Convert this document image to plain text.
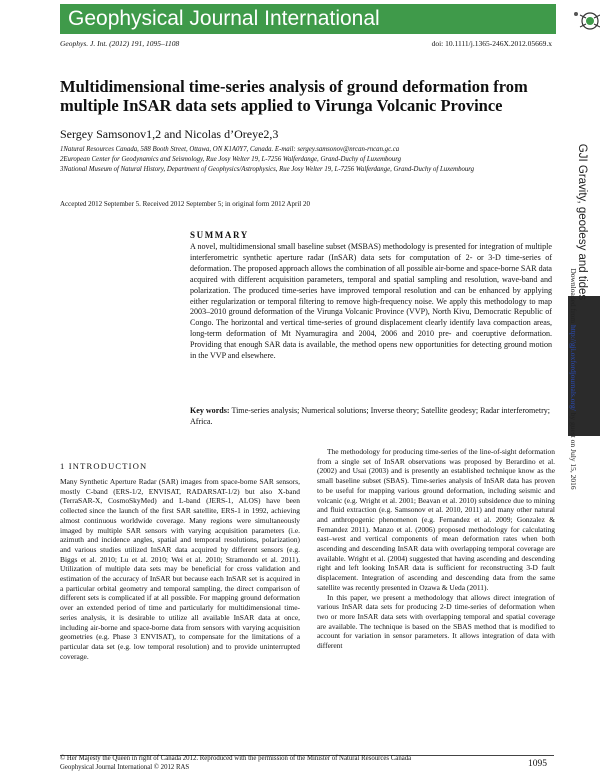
Geophysical Journal International
Geophys. J. Int. (2012) 191, 1095–1108	doi: 10.1111/j.1365-246X.2012.05669.x
Multidimensional time-series analysis of ground deformation from multiple InSAR data sets applied to Virunga Volcanic Province
Sergey Samsonov1,2 and Nicolas d’Oreye2,3
1Natural Resources Canada, 588 Booth Street, Ottawa, ON K1A0Y7, Canada. E-mail: sergey.samsonov@nrcan-rncan.gc.ca
2European Center for Geodynamics and Seismology, Rue Josy Welter 19, L-7256 Walferdange, Grand-Duchy of Luxembourg
3National Museum of Natural History, Department of Geophysics/Astrophysics, Rue Josy Welter 19, L-7256 Walferdange, Grand-Duchy of Luxembourg
Accepted 2012 September 5. Received 2012 September 5; in original form 2012 April 20
SUMMARY
A novel, multidimensional small baseline subset (MSBAS) methodology is presented for integration of multiple interferometric synthetic aperture radar (InSAR) data sets for computation of 2- or 3-D time-series of deformation. The proposed approach allows the combination of all possible air-borne and space-borne SAR data acquired with different acquisition parameters, temporal and spatial sampling and resolution, wave-band and polarization. The produced time-series have improved temporal resolution and can be enhanced by applying either regularization or temporal filtering to remove high-frequency noise. We apply this methodology to map 2003–2010 ground deformation of the Virunga Volcanic Province (VVP), North Kivu, Democratic Republic of Congo. The horizontal and vertical time-series of ground displacement clearly identify lava compaction areas, long-term deformation of Mt Nyamuragira and 2004, 2006 and 2010 pre- and coeruptive deformation. Providing that enough SAR data is available, the method opens new opportunities for detecting ground motion in the VVP and elsewhere.
Key words: Time-series analysis; Numerical solutions; Inverse theory; Satellite geodesy; Radar interferometry; Africa.
1 INTRODUCTION

Many Synthetic Aperture Radar (SAR) images from space-borne SAR sensors, mostly C-band (ERS-1/2, ENVISAT, RADARSAT-1/2) but also X-band (TerraSAR-X, CosmoSkyMed) and L-band (JERS-1, ALOS) have been collected since the launch of the first SAR satellite, ERS-1 in 1992, achieving almost continuous worldwide coverage. Many regions were simultaneously imaged by multiple SAR sensors with varying acquisition parameters (i.e. azimuth and incidence angles, spatial and temporal resolutions, polarization) and various studies utilized InSAR data acquired by different sensors (e.g. Biggs et al. 2010; Lu et al. 2010; Wei et al. 2010; Stramondo et al. 2011). Utilization of multiple data sets may be beneficial for cross validation and estimation of the accuracy of InSAR but because each InSAR set is acquired in a particular orbital geometry and temporal sampling, the direct comparison of different sets is complicated if at all possible. For mapping ground deformation over an extended period of time and particularly for multidimensional time-series analysis, it is desirable to utilize all available InSAR data at once, including air-borne and space-borne data from sensors with varying acquisition geometries (e.g. Phase 3 ENVISAT), to compensate for the limitations of a particular data set (e.g. low temporal resolution) and to provide uninterrupted coverage.

The methodology for producing time-series of the line-of-sight deformation from a single set of InSAR observations was proposed by Berardino et al. (2002) and Usai (2003) and is presently an established technique know as the small baseline subset (SBAS). Time-series analysis of InSAR data has proven to be useful for mapping various ground deformation, including seismic and volcanic (e.g. Wright et al. 2001; Beavan et al. 2010) subsidence due to mining and fluid extraction (e.g. Samsonov et al. 2010, 2011) and many other natural and anthropogenic phenomenon (e.g. Fernandez et al. 2009; Gonzalez & Fernandez 2011). Manzo et al. (2006) proposed methodology for calculating east–west and vertical components of mean deformation rates when both ascending and descending InSAR data with overlapping temporal coverage are available. Wright et al. (2004) suggested that having ascending and descending right and left looking InSAR data is sufficient for reconstructing 3-D fault displacement. Integration of ascending and descending data from the same satellite was recently presented in Ozawa & Ueda (2011).

In this paper, we present a methodology that allows direct integration of various InSAR data sets for producing 2-D time-series of deformation when two or more InSAR data sets with overlapping temporal and spatial coverage are available. The technique is based on the SBAS method that is modified to account for variation in sensor parameters. It allows integration of data with different

GJI Gravity, geodesy and tides
Downloaded from http://gji.oxfordjournals.org/ by guest on July 15, 2016
© Her Majesty the Queen in right of Canada 2012. Reproduced with the permission of the Minister of Natural Resources Canada
Geophysical Journal International © 2012 RAS	1095
